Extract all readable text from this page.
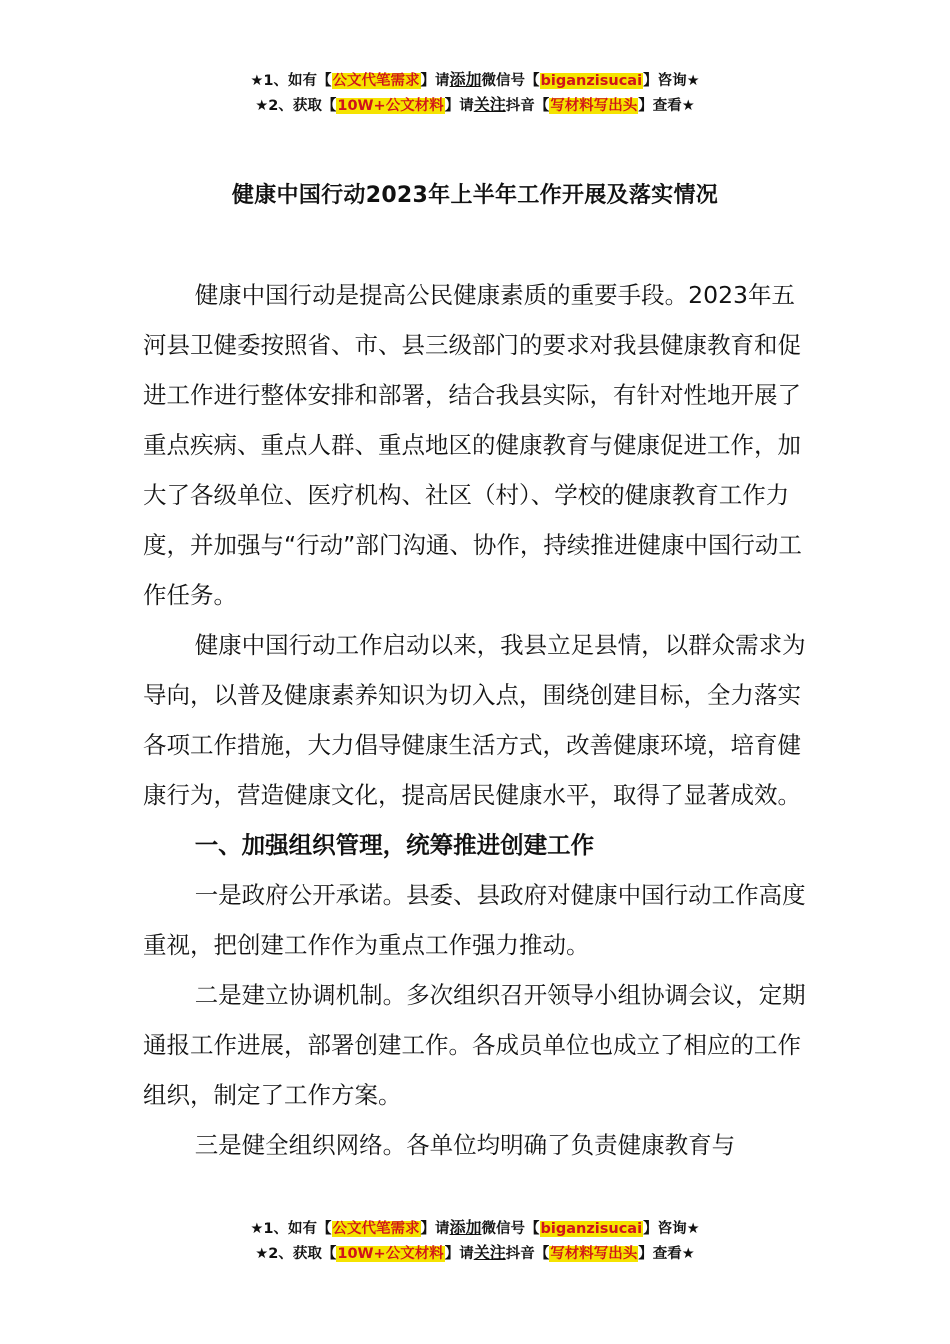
★1、如有【公文代笔需求】请添加微信号【biganzisucai】咨询★
★2、获取【10W+公文材料】请关注抖音【写材料写出头】查看★
健康中国行动2023年上半年工作开展及落实情况

健康中国行动是提高公民健康素质的重要手段。2023年五河县卫健委按照省、市、县三级部门的要求对我县健康教育和促进工作进行整体安排和部署，结合我县实际，有针对性地开展了重点疾病、重点人群、重点地区的健康教育与健康促进工作，加大了各级单位、医疗机构、社区（村）、学校的健康教育工作力度，并加强与“行动”部门沟通、协作，持续推进健康中国行动工作任务。

健康中国行动工作启动以来，我县立足县情，以群众需求为导向，以普及健康素养知识为切入点，围绕创建目标，全力落实各项工作措施，大力倡导健康生活方式，改善健康环境，培育健康行为，营造健康文化，提高居民健康水平，取得了显著成效。

一、加强组织管理，统筹推进创建工作

一是政府公开承诺。县委、县政府对健康中国行动工作高度重视，把创建工作作为重点工作强力推动。

二是建立协调机制。多次组织召开领导小组协调会议，定期通报工作进展，部署创建工作。各成员单位也成立了相应的工作组织，制定了工作方案。

三是健全组织网络。各单位均明确了负责健康教育与

★1、如有【公文代笔需求】请添加微信号【biganzisucai】咨询★
★2、获取【10W+公文材料】请关注抖音【写材料写出头】查看★
